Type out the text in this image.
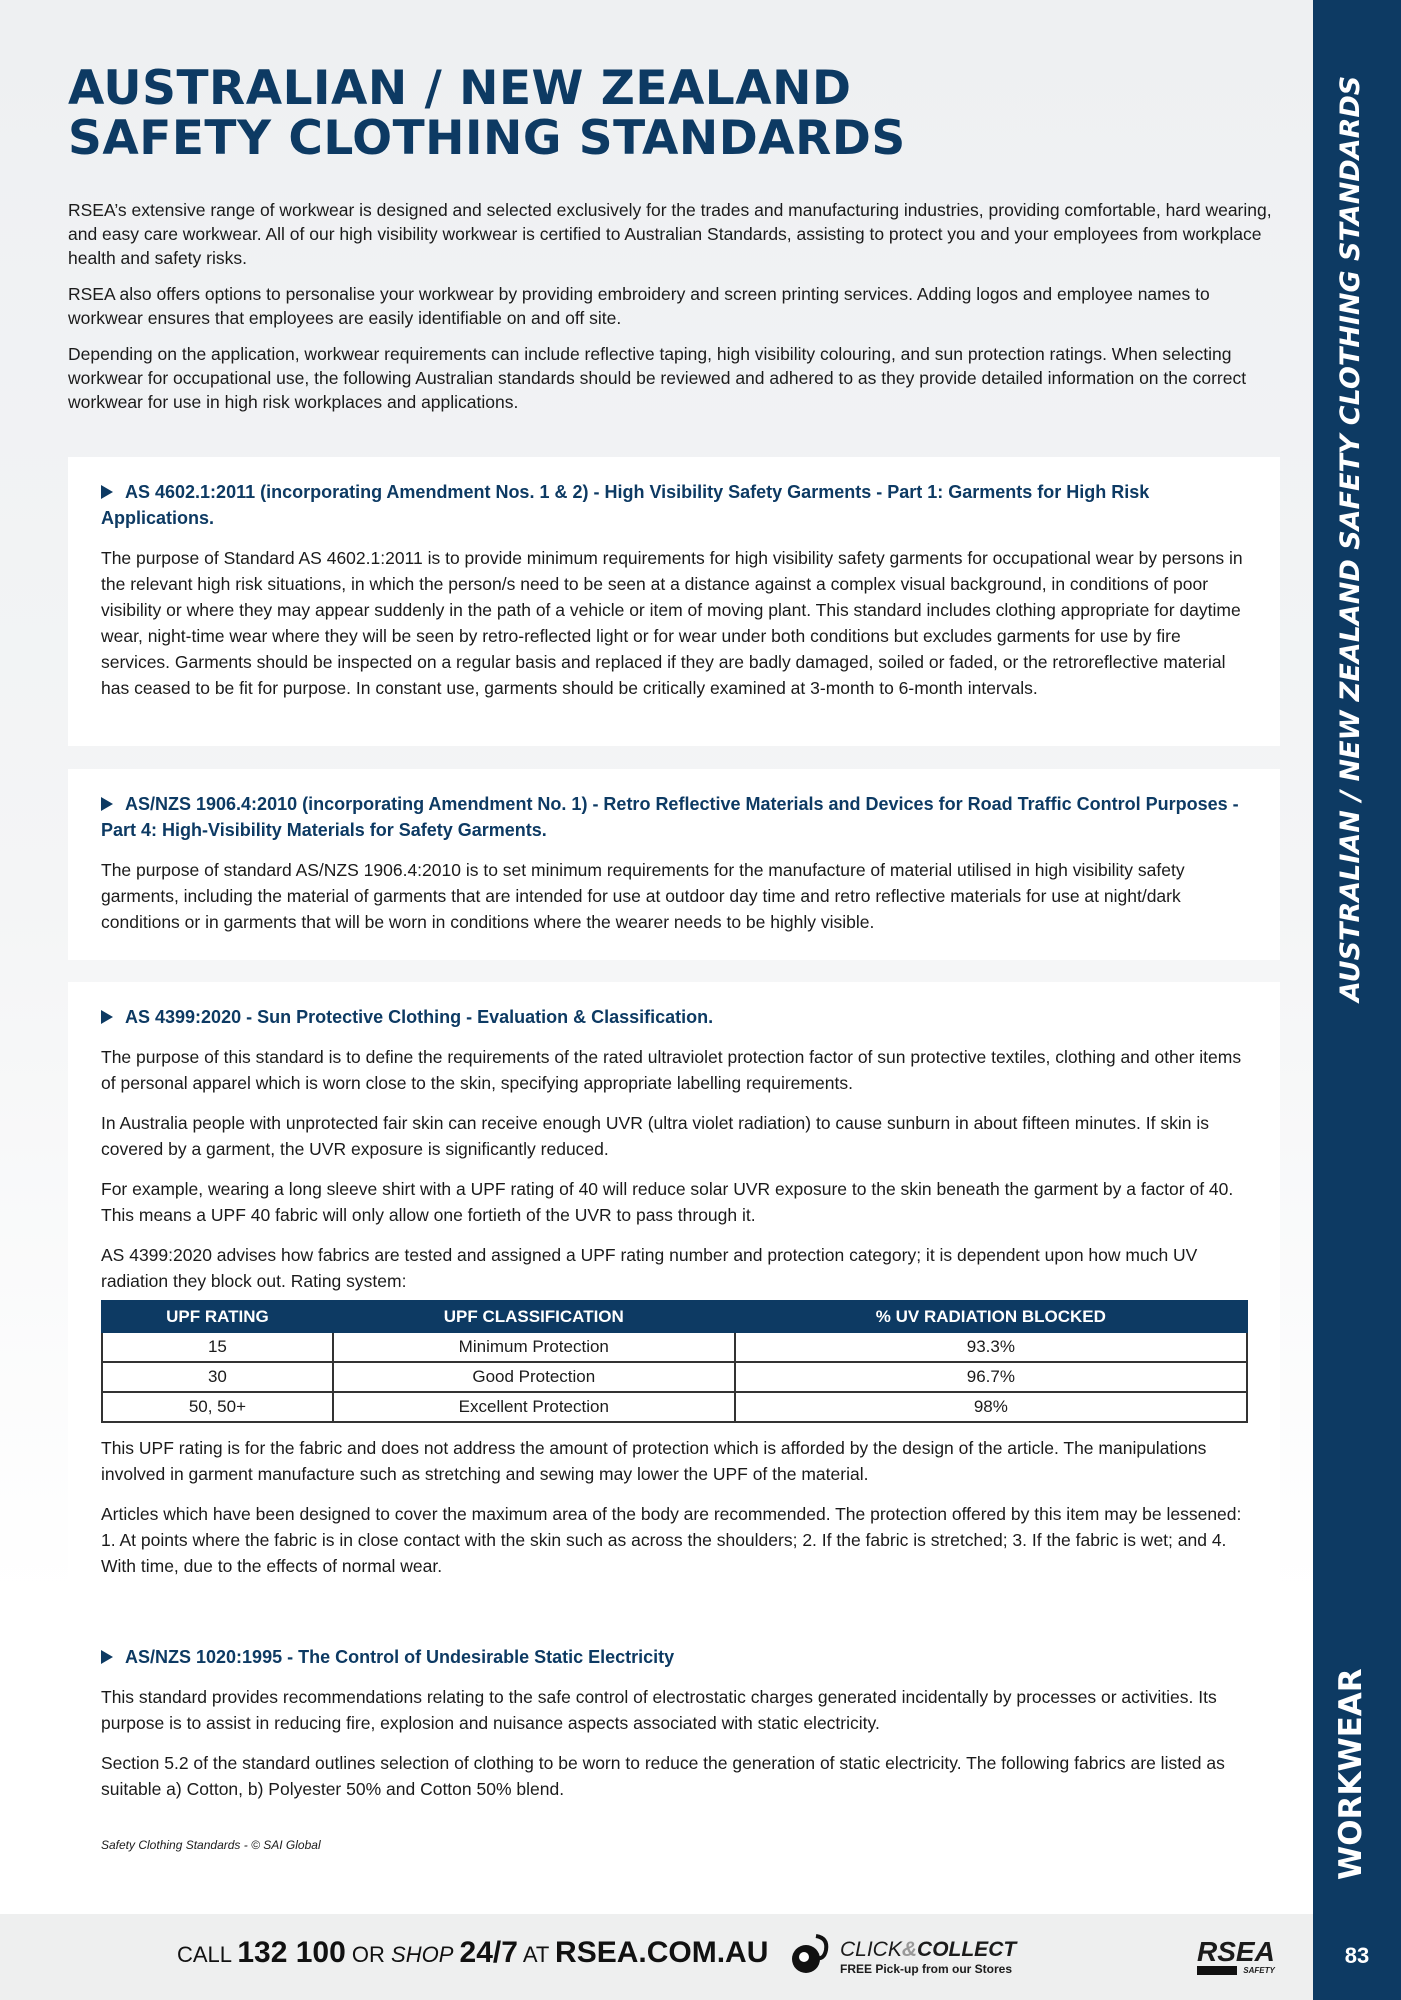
AUSTRALIAN / NEW ZEALAND
SAFETY CLOTHING STANDARDS

RSEA’s extensive range of workwear is designed and selected exclusively for the trades and manufacturing industries, providing comfortable, hard wearing, and easy care workwear. All of our high visibility workwear is certified to Australian Standards, assisting to protect you and your employees from workplace health and safety risks.

RSEA also offers options to personalise your workwear by providing embroidery and screen printing services. Adding logos and employee names to workwear ensures that employees are easily identifiable on and off site.

Depending on the application, workwear requirements can include reflective taping, high visibility colouring, and sun protection ratings. When selecting workwear for occupational use, the following Australian standards should be reviewed and adhered to as they provide detailed information on the correct workwear for use in high risk workplaces and applications.

AS 4602.1:2011 (incorporating Amendment Nos. 1 & 2) - High Visibility Safety Garments - Part 1: Garments for High Risk Applications.

The purpose of Standard AS 4602.1:2011 is to provide minimum requirements for high visibility safety garments for occupational wear by persons in the relevant high risk situations, in which the person/s need to be seen at a distance against a complex visual background, in conditions of poor visibility or where they may appear suddenly in the path of a vehicle or item of moving plant. This standard includes clothing appropriate for daytime wear, night-time wear where they will be seen by retro-reflected light or for wear under both conditions but excludes garments for use by fire services. Garments should be inspected on a regular basis and replaced if they are badly damaged, soiled or faded, or the retroreflective material has ceased to be fit for purpose. In constant use, garments should be critically examined at 3-month to 6-month intervals.

AS/NZS 1906.4:2010 (incorporating Amendment No. 1) - Retro Reflective Materials and Devices for Road Traffic Control Purposes - Part 4: High-Visibility Materials for Safety Garments.

The purpose of standard AS/NZS 1906.4:2010 is to set minimum requirements for the manufacture of material utilised in high visibility safety garments, including the material of garments that are intended for use at outdoor day time and retro reflective materials for use at night/dark conditions or in garments that will be worn in conditions where the wearer needs to be highly visible.

AS 4399:2020 - Sun Protective Clothing - Evaluation & Classification.

The purpose of this standard is to define the requirements of the rated ultraviolet protection factor of sun protective textiles, clothing and other items of personal apparel which is worn close to the skin, specifying appropriate labelling requirements.

In Australia people with unprotected fair skin can receive enough UVR (ultra violet radiation) to cause sunburn in about fifteen minutes. If skin is covered by a garment, the UVR exposure is significantly reduced.

For example, wearing a long sleeve shirt with a UPF rating of 40 will reduce solar UVR exposure to the skin beneath the garment by a factor of 40. This means a UPF 40 fabric will only allow one fortieth of the UVR to pass through it.

AS 4399:2020 advises how fabrics are tested and assigned a UPF rating number and protection category; it is dependent upon how much UV radiation they block out. Rating system:

UPF RATING	UPF CLASSIFICATION	% UV RADIATION BLOCKED
15	Minimum Protection	93.3%
30	Good Protection	96.7%
50, 50+	Excellent Protection	98%

This UPF rating is for the fabric and does not address the amount of protection which is afforded by the design of the article. The manipulations involved in garment manufacture such as stretching and sewing may lower the UPF of the material.

Articles which have been designed to cover the maximum area of the body are recommended. The protection offered by this item may be lessened: 1. At points where the fabric is in close contact with the skin such as across the shoulders; 2. If the fabric is stretched; 3. If the fabric is wet; and 4. With time, due to the effects of normal wear.

AS/NZS 1020:1995 - The Control of Undesirable Static Electricity

This standard provides recommendations relating to the safe control of electrostatic charges generated incidentally by processes or activities. Its purpose is to assist in reducing fire, explosion and nuisance aspects associated with static electricity.

Section 5.2 of the standard outlines selection of clothing to be worn to reduce the generation of static electricity. The following fabrics are listed as suitable a) Cotton, b) Polyester 50% and Cotton 50% blend.

Safety Clothing Standards - © SAI Global
CALL 132 100 OR SHOP 24/7 AT RSEA.COM.AU	CLICK&COLLECT
FREE Pick-up from our Stores
RSEA
SAFETY
AUSTRALIAN / NEW ZEALAND SAFETY CLOTHING STANDARDS
WORKWEAR
83
